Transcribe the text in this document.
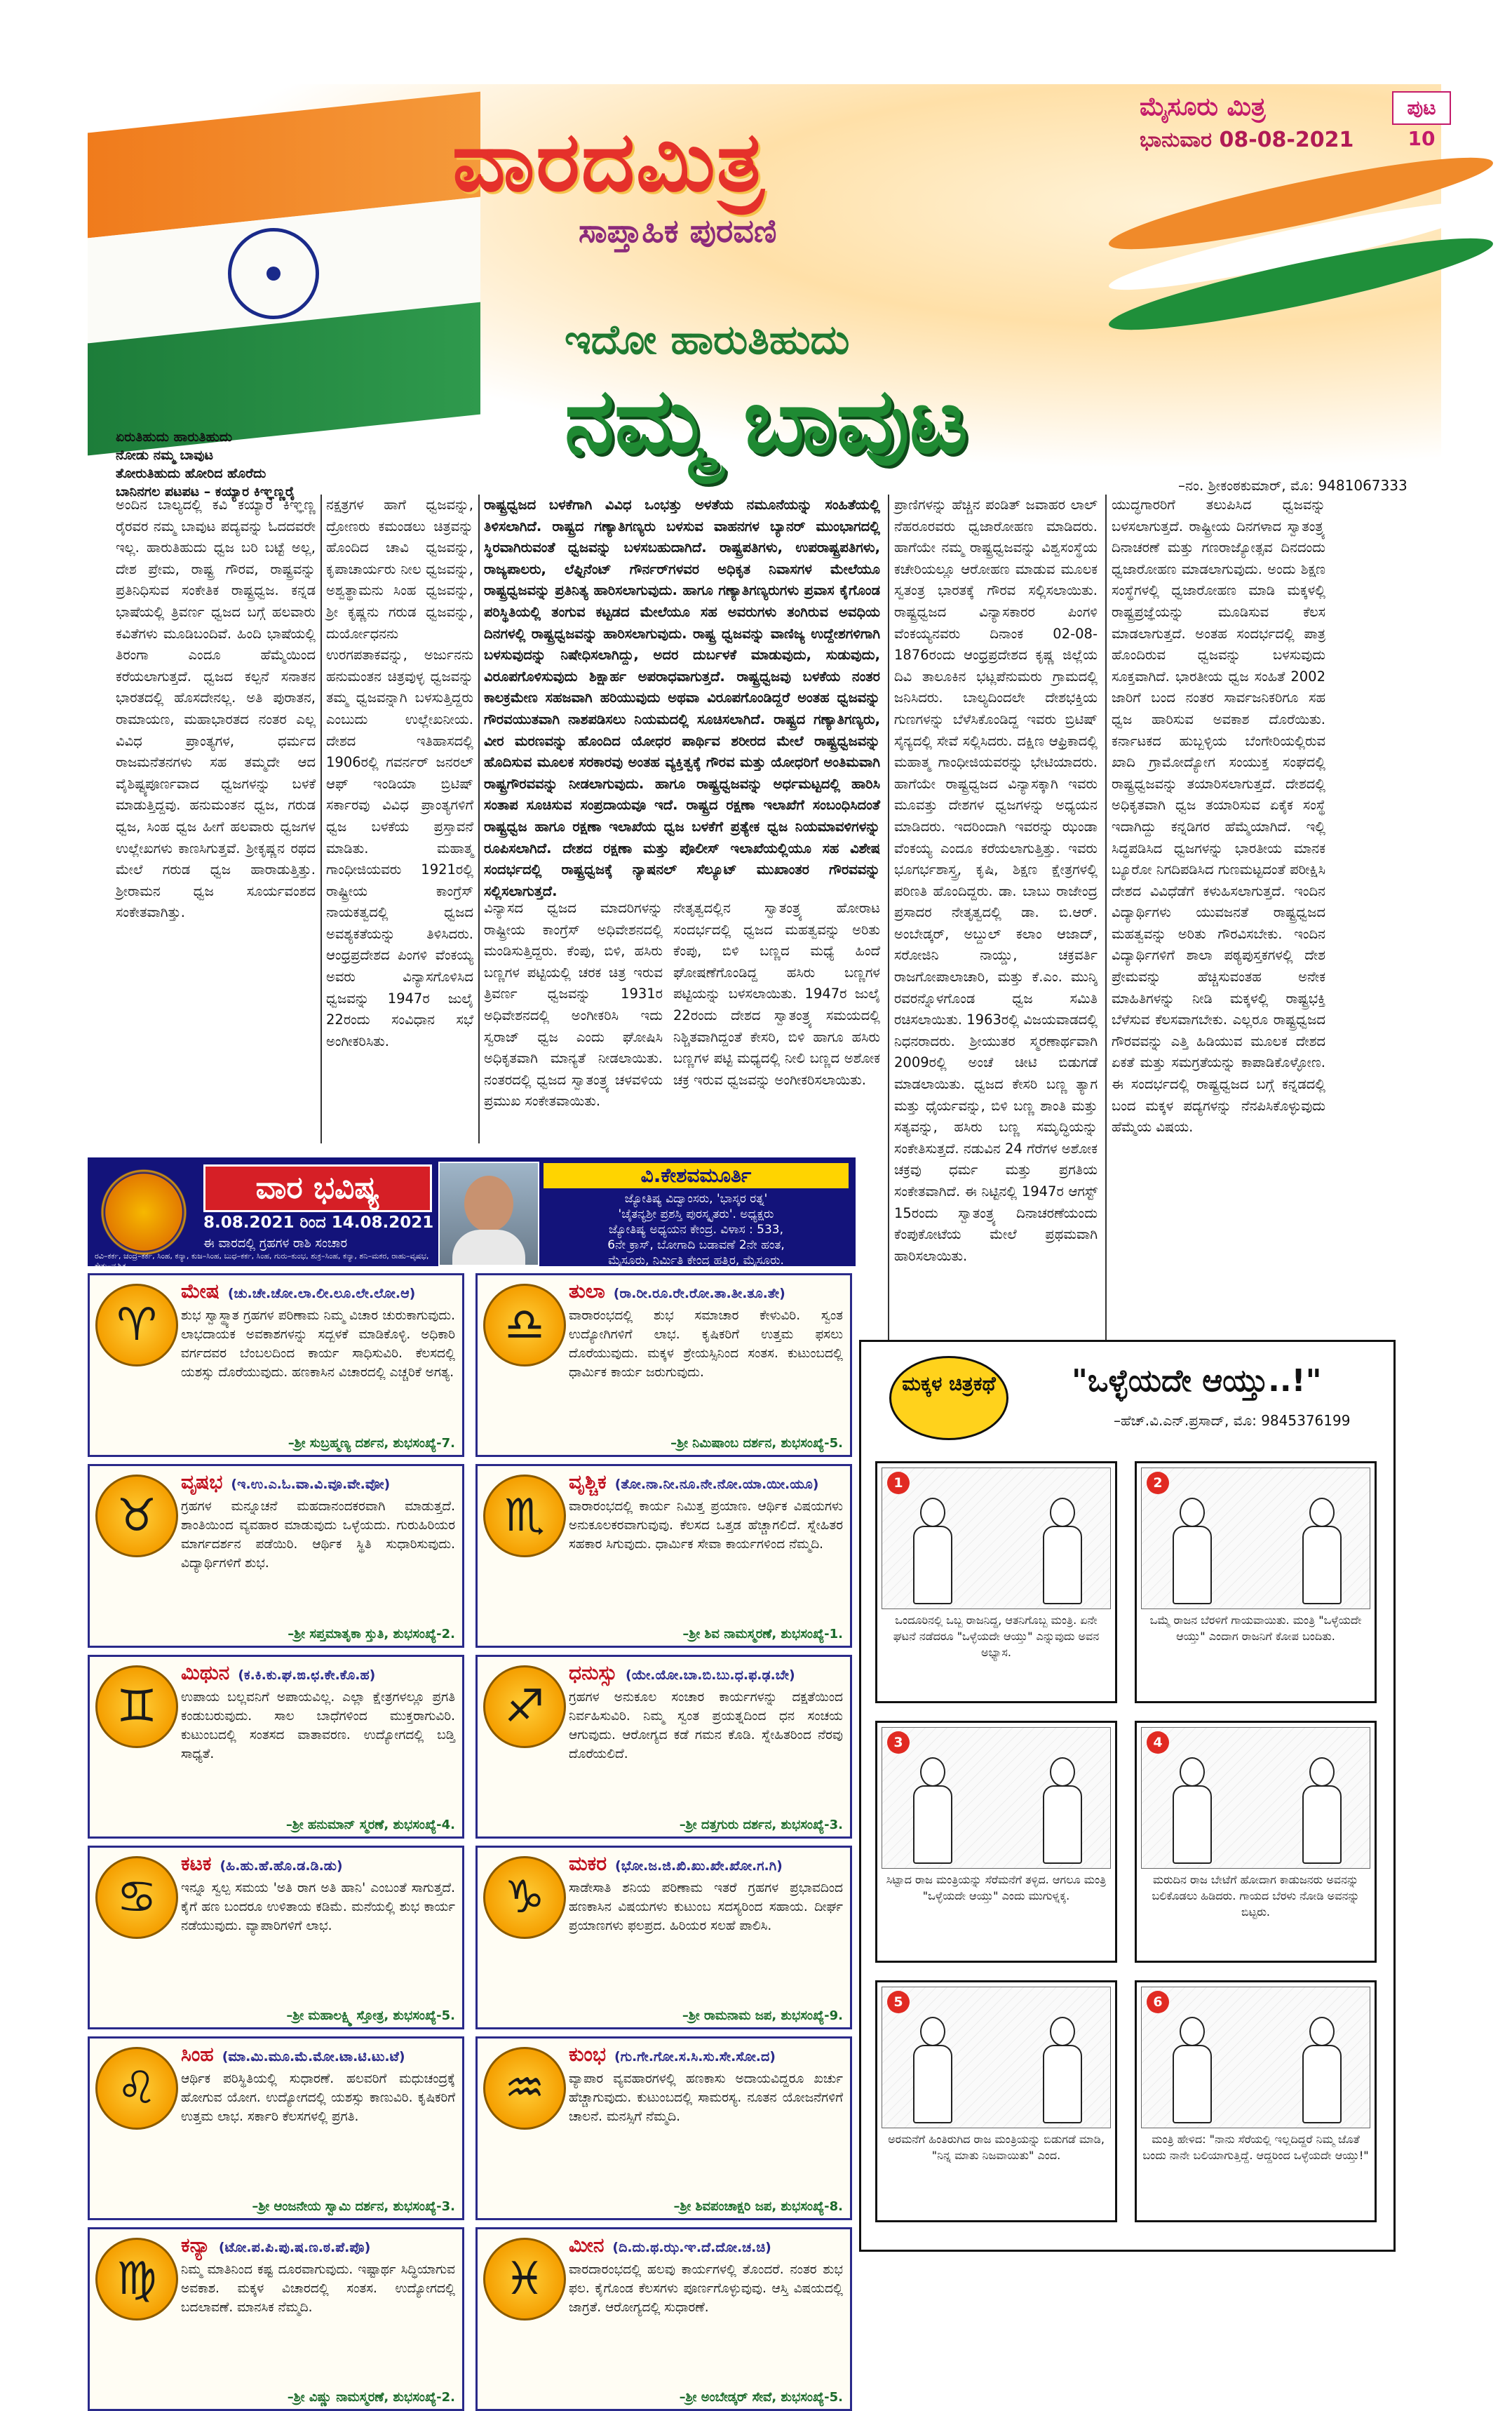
ವಾರದಮಿತ್ರ
ಸಾಪ್ತಾಹಿಕ ಪುರವಣಿ
ಮೈಸೂರು ಮಿತ್ರ
ಭಾನುವಾರ 08-08-2021
ಪುಟ 10
ಇದೋ ಹಾರುತಿಹುದು
ನಮ್ಮ ಬಾವುಟ
ಏರುತಿಹುದು ಹಾರುತಿಹುದು
ನೋಡು ನಮ್ಮ ಬಾವುಟ
ತೋರುತಿಹುದು ಹೋರಿದ ಹೊರೆದು
ಬಾನಿನಗಲ ಪಟಪಟ – ಕಯ್ಯಾರ ಕಿಞ್ಞಣ್ಣರೈ	–ನಂ. ಶ್ರೀಕಂಠಕುಮಾರ್, ಮೊ: 9481067333
ಅಂದಿನ ಬಾಲ್ಯದಲ್ಲಿ ಕವಿ ಕಯ್ಯಾರ ಕಿಞ್ಞಣ್ಣ ರೈರವರ ನಮ್ಮ ಬಾವುಟ ಪದ್ಯವನ್ನು ಓದದವರೇ ಇಲ್ಲ. ಹಾರುತಿಹುದು ಧ್ವಜ ಬರಿ ಬಟ್ಟೆ ಅಲ್ಲ, ದೇಶ ಪ್ರೇಮ, ರಾಷ್ಟ್ರ ಗೌರವ, ರಾಷ್ಟ್ರವನ್ನು ಪ್ರತಿನಿಧಿಸುವ ಸಂಕೇತಿಕ ರಾಷ್ಟ್ರಧ್ವಜ. ಕನ್ನಡ ಭಾಷೆಯಲ್ಲಿ ತ್ರಿವರ್ಣ ಧ್ವಜದ ಬಗ್ಗೆ ಹಲವಾರು ಕವಿತೆಗಳು ಮೂಡಿಬಂದಿವೆ. ಹಿಂದಿ ಭಾಷೆಯಲ್ಲಿ ತಿರಂಗಾ ಎಂದೂ ಹೆಮ್ಮೆಯಿಂದ ಕರೆಯಲಾಗುತ್ತದೆ. ಧ್ವಜದ ಕಲ್ಪನೆ ಸನಾತನ ಭಾರತದಲ್ಲಿ ಹೊಸದೇನಲ್ಲ. ಅತಿ ಪುರಾತನ, ರಾಮಾಯಣ, ಮಹಾಭಾರತದ ನಂತರ ಎಲ್ಲ ವಿವಿಧ ಪ್ರಾಂತ್ಯಗಳ, ಧರ್ಮದ ರಾಜಮನೆತನಗಳು ಸಹ ತಮ್ಮದೇ ಆದ ವೈಶಿಷ್ಟ್ಯಪೂರ್ಣವಾದ ಧ್ವಜಗಳನ್ನು ಬಳಕೆ ಮಾಡುತ್ತಿದ್ದವು. ಹನುಮಂತನ ಧ್ವಜ, ಗರುಡ ಧ್ವಜ, ಸಿಂಹ ಧ್ವಜ ಹೀಗೆ ಹಲವಾರು ಧ್ವಜಗಳ ಉಲ್ಲೇಖಗಳು ಕಾಣಸಿಗುತ್ತವೆ. ಶ್ರೀಕೃಷ್ಣನ ರಥದ ಮೇಲೆ ಗರುಡ ಧ್ವಜ ಹಾರಾಡುತ್ತಿತ್ತು. ಶ್ರೀರಾಮನ ಧ್ವಜ ಸೂರ್ಯವಂಶದ ಸಂಕೇತವಾಗಿತ್ತು.
ನಕ್ಷತ್ರಗಳ ಹಾಗೆ ಧ್ವಜವನ್ನು, ದ್ರೋಣರು ಕಮಂಡಲು ಚಿತ್ರವನ್ನು ಹೊಂದಿದ ಚಾವಿ ಧ್ವಜವನ್ನು, ಕೃಪಾಚಾರ್ಯರು ನೀಲ ಧ್ವಜವನ್ನು, ಅಶ್ವತ್ಥಾಮನು ಸಿಂಹ ಧ್ವಜವನ್ನು, ಶ್ರೀ ಕೃಷ್ಣನು ಗರುಡ ಧ್ವಜವನ್ನು, ದುರ್ಯೋಧನನು ಉರಗಪತಾಕವನ್ನು, ಅರ್ಜುನನು ಹನುಮಂತನ ಚಿತ್ರವುಳ್ಳ ಧ್ವಜವನ್ನು ತಮ್ಮ ಧ್ವಜವನ್ನಾಗಿ ಬಳಸುತ್ತಿದ್ದರು ಎಂಬುದು ಉಲ್ಲೇಖನೀಯ. ದೇಶದ ಇತಿಹಾಸದಲ್ಲಿ 1906ರಲ್ಲಿ ಗವರ್ನರ್ ಜನರಲ್ ಆಫ್ ಇಂಡಿಯಾ ಬ್ರಿಟಿಷ್ ಸರ್ಕಾರವು ವಿವಿಧ ಪ್ರಾಂತ್ಯಗಳಿಗೆ ಧ್ವಜ ಬಳಕೆಯ ಪ್ರಸ್ತಾವನೆ ಮಾಡಿತು. ಮಹಾತ್ಮ ಗಾಂಧೀಜಿಯವರು 1921ರಲ್ಲಿ ರಾಷ್ಟ್ರೀಯ ಕಾಂಗ್ರೆಸ್ ನಾಯಕತ್ವದಲ್ಲಿ ಧ್ವಜದ ಅವಶ್ಯಕತೆಯನ್ನು ತಿಳಿಸಿದರು. ಆಂಧ್ರಪ್ರದೇಶದ ಪಿಂಗಳಿ ವೆಂಕಯ್ಯ ಅವರು ವಿನ್ಯಾಸಗೊಳಿಸಿದ ಧ್ವಜವನ್ನು 1947ರ ಜುಲೈ 22ರಂದು ಸಂವಿಧಾನ ಸಭೆ ಅಂಗೀಕರಿಸಿತು.
ರಾಷ್ಟ್ರಧ್ವಜದ ಬಳಕೆಗಾಗಿ ವಿವಿಧ ಒಂಭತ್ತು ಅಳತೆಯ ನಮೂನೆಯನ್ನು ಸಂಹಿತೆಯಲ್ಲಿ ತಿಳಿಸಲಾಗಿದೆ. ರಾಷ್ಟ್ರದ ಗಣ್ಯಾತಿಗಣ್ಯರು ಬಳಸುವ ವಾಹನಗಳ ಬ್ಯಾನರ್ ಮುಂಭಾಗದಲ್ಲಿ ಸ್ಥಿರವಾಗಿರುವಂತೆ ಧ್ವಜವನ್ನು ಬಳಸಬಹುದಾಗಿದೆ. ರಾಷ್ಟ್ರಪತಿಗಳು, ಉಪರಾಷ್ಟ್ರಪತಿಗಳು, ರಾಜ್ಯಪಾಲರು, ಲೆಫ್ಟಿನೆಂಟ್ ಗೌರ್ನರ್‌ಗಳವರ ಅಧಿಕೃತ ನಿವಾಸಗಳ ಮೇಲೆಯೂ ರಾಷ್ಟ್ರಧ್ವಜವನ್ನು ಪ್ರತಿನಿತ್ಯ ಹಾರಿಸಲಾಗುವುದು. ಹಾಗೂ ಗಣ್ಯಾತಿಗಣ್ಯರುಗಳು ಪ್ರವಾಸ ಕೈಗೊಂಡ ಪರಿಸ್ಥಿತಿಯಲ್ಲಿ ತಂಗುವ ಕಟ್ಟಡದ ಮೇಲೆಯೂ ಸಹ ಅವರುಗಳು ತಂಗಿರುವ ಅವಧಿಯ ದಿನಗಳಲ್ಲಿ ರಾಷ್ಟ್ರಧ್ವಜವನ್ನು ಹಾರಿಸಲಾಗುವುದು. ರಾಷ್ಟ್ರ ಧ್ವಜವನ್ನು ವಾಣಿಜ್ಯ ಉದ್ದೇಶಗಳಿಗಾಗಿ ಬಳಸುವುದನ್ನು ನಿಷೇಧಿಸಲಾಗಿದ್ದು, ಅದರ ದುರ್ಬಳಕೆ ಮಾಡುವುದು, ಸುಡುವುದು, ವಿರೂಪಗೊಳಿಸುವುದು ಶಿಕ್ಷಾರ್ಹ ಅಪರಾಧವಾಗುತ್ತದೆ. ರಾಷ್ಟ್ರಧ್ವಜವು ಬಳಕೆಯ ನಂತರ ಕಾಲಕ್ರಮೇಣ ಸಹಜವಾಗಿ ಹರಿಯುವುದು ಅಥವಾ ವಿರೂಪಗೊಂಡಿದ್ದರೆ ಅಂತಹ ಧ್ವಜವನ್ನು ಗೌರವಯುತವಾಗಿ ನಾಶಪಡಿಸಲು ನಿಯಮದಲ್ಲಿ ಸೂಚಿಸಲಾಗಿದೆ. ರಾಷ್ಟ್ರದ ಗಣ್ಯಾತಿಗಣ್ಯರು, ವೀರ ಮರಣವನ್ನು ಹೊಂದಿದ ಯೋಧರ ಪಾರ್ಥಿವ ಶರೀರದ ಮೇಲೆ ರಾಷ್ಟ್ರಧ್ವಜವನ್ನು ಹೊದಿಸುವ ಮೂಲಕ ಸರಕಾರವು ಅಂತಹ ವ್ಯಕ್ತಿತ್ವಕ್ಕೆ ಗೌರವ ಮತ್ತು ಯೋಧರಿಗೆ ಅಂತಿಮವಾಗಿ ರಾಷ್ಟ್ರಗೌರವವನ್ನು ನೀಡಲಾಗುವುದು. ಹಾಗೂ ರಾಷ್ಟ್ರಧ್ವಜವನ್ನು ಅರ್ಧಮಟ್ಟದಲ್ಲಿ ಹಾರಿಸಿ ಸಂತಾಪ ಸೂಚಿಸುವ ಸಂಪ್ರದಾಯವೂ ಇದೆ. ರಾಷ್ಟ್ರದ ರಕ್ಷಣಾ ಇಲಾಖೆಗೆ ಸಂಬಂಧಿಸಿದಂತೆ ರಾಷ್ಟ್ರಧ್ವಜ ಹಾಗೂ ರಕ್ಷಣಾ ಇಲಾಖೆಯ ಧ್ವಜ ಬಳಕೆಗೆ ಪ್ರತ್ಯೇಕ ಧ್ವಜ ನಿಯಮಾವಳಿಗಳನ್ನು ರೂಪಿಸಲಾಗಿದೆ. ದೇಶದ ರಕ್ಷಣಾ ಮತ್ತು ಪೊಲೀಸ್ ಇಲಾಖೆಯಲ್ಲಿಯೂ ಸಹ ವಿಶೇಷ ಸಂದರ್ಭದಲ್ಲಿ ರಾಷ್ಟ್ರಧ್ವಜಕ್ಕೆ ನ್ಯಾಷನಲ್ ಸೆಲ್ಯೂಟ್ ಮುಖಾಂತರ ಗೌರವವನ್ನು ಸಲ್ಲಿಸಲಾಗುತ್ತದೆ.
ವಿನ್ಯಾಸದ ಧ್ವಜದ ಮಾದರಿಗಳನ್ನು ರಾಷ್ಟ್ರೀಯ ಕಾಂಗ್ರೆಸ್ ಅಧಿವೇಶನದಲ್ಲಿ ಮಂಡಿಸುತ್ತಿದ್ದರು. ಕೆಂಪು, ಬಿಳಿ, ಹಸಿರು ಬಣ್ಣಗಳ ಪಟ್ಟಿಯಲ್ಲಿ ಚರಕ ಚಿತ್ರ ಇರುವ ತ್ರಿವರ್ಣ ಧ್ವಜವನ್ನು 1931ರ ಅಧಿವೇಶನದಲ್ಲಿ ಅಂಗೀಕರಿಸಿ ಇದು ಸ್ವರಾಜ್ ಧ್ವಜ ಎಂದು ಘೋಷಿಸಿ ಅಧಿಕೃತವಾಗಿ ಮಾನ್ಯತೆ ನೀಡಲಾಯಿತು. ನಂತರದಲ್ಲಿ ಧ್ವಜದ ಸ್ವಾತಂತ್ರ್ಯ ಚಳವಳಿಯ ಪ್ರಮುಖ ಸಂಕೇತವಾಯಿತು.
ನೇತೃತ್ವದಲ್ಲಿನ ಸ್ವಾತಂತ್ರ್ಯ ಹೋರಾಟ ಸಂದರ್ಭದಲ್ಲಿ ಧ್ವಜದ ಮಹತ್ವವನ್ನು ಅರಿತು ಕೆಂಪು, ಬಿಳಿ ಬಣ್ಣದ ಮಧ್ಯೆ ಹಿಂದೆ ಘೋಷಣೆಗೊಂಡಿದ್ದ ಹಸಿರು ಬಣ್ಣಗಳ ಪಟ್ಟಿಯನ್ನು ಬಳಸಲಾಯಿತು. 1947ರ ಜುಲೈ 22ರಂದು ದೇಶದ ಸ್ವಾತಂತ್ರ್ಯ ಸಮಯದಲ್ಲಿ ನಿಶ್ಚಿತವಾಗಿದ್ದಂತೆ ಕೇಸರಿ, ಬಿಳಿ ಹಾಗೂ ಹಸಿರು ಬಣ್ಣಗಳ ಪಟ್ಟಿ ಮಧ್ಯದಲ್ಲಿ ನೀಲಿ ಬಣ್ಣದ ಅಶೋಕ ಚಕ್ರ ಇರುವ ಧ್ವಜವನ್ನು ಅಂಗೀಕರಿಸಲಾಯಿತು.
ಪ್ರಾಣಿಗಳನ್ನು ಹೆಚ್ಚಿನ ಪಂಡಿತ್ ಜವಾಹರ ಲಾಲ್ ನೆಹರೂರವರು ಧ್ವಜಾರೋಹಣ ಮಾಡಿದರು. ಹಾಗೆಯೇ ನಮ್ಮ ರಾಷ್ಟ್ರಧ್ವಜವನ್ನು ವಿಶ್ವಸಂಸ್ಥೆಯ ಕಚೇರಿಯಲ್ಲೂ ಆರೋಹಣ ಮಾಡುವ ಮೂಲಕ ಸ್ವತಂತ್ರ ಭಾರತಕ್ಕೆ ಗೌರವ ಸಲ್ಲಿಸಲಾಯಿತು. ರಾಷ್ಟ್ರಧ್ವಜದ ವಿನ್ಯಾಸಕಾರರ ಪಿಂಗಳಿ ವೆಂಕಯ್ಯನವರು ದಿನಾಂಕ 02-08-1876ರಂದು ಆಂಧ್ರಪ್ರದೇಶದ ಕೃಷ್ಣ ಜಿಲ್ಲೆಯ ದಿವಿ ತಾಲೂಕಿನ ಭಟ್ಲಪೆನುಮರು ಗ್ರಾಮದಲ್ಲಿ ಜನಿಸಿದರು. ಬಾಲ್ಯದಿಂದಲೇ ದೇಶಭಕ್ತಿಯ ಗುಣಗಳನ್ನು ಬೆಳೆಸಿಕೊಂಡಿದ್ದ ಇವರು ಬ್ರಿಟಿಷ್ ಸೈನ್ಯದಲ್ಲಿ ಸೇವೆ ಸಲ್ಲಿಸಿದರು. ದಕ್ಷಿಣ ಆಫ್ರಿಕಾದಲ್ಲಿ ಮಹಾತ್ಮ ಗಾಂಧೀಜಿಯವರನ್ನು ಭೇಟಿಯಾದರು. ಹಾಗೆಯೇ ರಾಷ್ಟ್ರಧ್ವಜದ ವಿನ್ಯಾಸಕ್ಕಾಗಿ ಇವರು ಮೂವತ್ತು ದೇಶಗಳ ಧ್ವಜಗಳನ್ನು ಅಧ್ಯಯನ ಮಾಡಿದರು. ಇದರಿಂದಾಗಿ ಇವರನ್ನು ಝಂಡಾ ವೆಂಕಯ್ಯ ಎಂದೂ ಕರೆಯಲಾಗುತ್ತಿತ್ತು. ಇವರು ಭೂಗರ್ಭಶಾಸ್ತ್ರ, ಕೃಷಿ, ಶಿಕ್ಷಣ ಕ್ಷೇತ್ರಗಳಲ್ಲಿ ಪರಿಣತಿ ಹೊಂದಿದ್ದರು. ಡಾ. ಬಾಬು ರಾಜೇಂದ್ರ ಪ್ರಸಾದರ ನೇತೃತ್ವದಲ್ಲಿ ಡಾ. ಬಿ.ಆರ್. ಅಂಬೇಡ್ಕರ್, ಅಬ್ದುಲ್ ಕಲಾಂ ಆಜಾದ್, ಸರೋಜಿನಿ ನಾಯ್ಡು, ಚಕ್ರವರ್ತಿ ರಾಜಗೋಪಾಲಾಚಾರಿ, ಮತ್ತು ಕೆ.ಎಂ. ಮುನ್ಶಿ ರವರನ್ನೊಳಗೊಂಡ ಧ್ವಜ ಸಮಿತಿ ರಚಿಸಲಾಯಿತು. 1963ರಲ್ಲಿ ವಿಜಯವಾಡದಲ್ಲಿ ನಿಧನರಾದರು. ಶ್ರೀಯುತರ ಸ್ಮರಣಾರ್ಥವಾಗಿ 2009ರಲ್ಲಿ ಅಂಚೆ ಚೀಟಿ ಬಿಡುಗಡೆ ಮಾಡಲಾಯಿತು. ಧ್ವಜದ ಕೇಸರಿ ಬಣ್ಣ ತ್ಯಾಗ ಮತ್ತು ಧೈರ್ಯವನ್ನು, ಬಿಳಿ ಬಣ್ಣ ಶಾಂತಿ ಮತ್ತು ಸತ್ಯವನ್ನು, ಹಸಿರು ಬಣ್ಣ ಸಮೃದ್ಧಿಯನ್ನು ಸಂಕೇತಿಸುತ್ತದೆ. ನಡುವಿನ 24 ಗೆರೆಗಳ ಅಶೋಕ ಚಕ್ರವು ಧರ್ಮ ಮತ್ತು ಪ್ರಗತಿಯ ಸಂಕೇತವಾಗಿದೆ. ಈ ನಿಟ್ಟಿನಲ್ಲಿ 1947ರ ಆಗಸ್ಟ್ 15ರಂದು ಸ್ವಾತಂತ್ರ್ಯ ದಿನಾಚರಣೆಯಂದು ಕೆಂಪುಕೋಟೆಯ ಮೇಲೆ ಪ್ರಥಮವಾಗಿ ಹಾರಿಸಲಾಯಿತು.
ಯುದ್ಧಗಾರರಿಗೆ ತಲುಪಿಸಿದ ಧ್ವಜವನ್ನು ಬಳಸಲಾಗುತ್ತದೆ. ರಾಷ್ಟ್ರೀಯ ದಿನಗಳಾದ ಸ್ವಾತಂತ್ರ್ಯ ದಿನಾಚರಣೆ ಮತ್ತು ಗಣರಾಜ್ಯೋತ್ಸವ ದಿನದಂದು ಧ್ವಜಾರೋಹಣ ಮಾಡಲಾಗುವುದು. ಅಂದು ಶಿಕ್ಷಣ ಸಂಸ್ಥೆಗಳಲ್ಲಿ ಧ್ವಜಾರೋಹಣ ಮಾಡಿ ಮಕ್ಕಳಲ್ಲಿ ರಾಷ್ಟ್ರಪ್ರಜ್ಞೆಯನ್ನು ಮೂಡಿಸುವ ಕೆಲಸ ಮಾಡಲಾಗುತ್ತದೆ. ಅಂತಹ ಸಂದರ್ಭದಲ್ಲಿ ಪಾತ್ರ ಹೊಂದಿರುವ ಧ್ವಜವನ್ನು ಬಳಸುವುದು ಸೂಕ್ತವಾಗಿದೆ. ಭಾರತೀಯ ಧ್ವಜ ಸಂಹಿತೆ 2002 ಜಾರಿಗೆ ಬಂದ ನಂತರ ಸಾರ್ವಜನಿಕರಿಗೂ ಸಹ ಧ್ವಜ ಹಾರಿಸುವ ಅವಕಾಶ ದೊರೆಯಿತು. ಕರ್ನಾಟಕದ ಹುಬ್ಬಳ್ಳಿಯ ಬೆಂಗೇರಿಯಲ್ಲಿರುವ ಖಾದಿ ಗ್ರಾಮೋದ್ಯೋಗ ಸಂಯುಕ್ತ ಸಂಘದಲ್ಲಿ ರಾಷ್ಟ್ರಧ್ವಜವನ್ನು ತಯಾರಿಸಲಾಗುತ್ತದೆ. ದೇಶದಲ್ಲಿ ಅಧಿಕೃತವಾಗಿ ಧ್ವಜ ತಯಾರಿಸುವ ಏಕೈಕ ಸಂಸ್ಥೆ ಇದಾಗಿದ್ದು ಕನ್ನಡಿಗರ ಹೆಮ್ಮೆಯಾಗಿದೆ. ಇಲ್ಲಿ ಸಿದ್ಧಪಡಿಸಿದ ಧ್ವಜಗಳನ್ನು ಭಾರತೀಯ ಮಾನಕ ಬ್ಯೂರೋ ನಿಗದಿಪಡಿಸಿದ ಗುಣಮಟ್ಟದಂತೆ ಪರೀಕ್ಷಿಸಿ ದೇಶದ ವಿವಿಧೆಡೆಗೆ ಕಳುಹಿಸಲಾಗುತ್ತದೆ. ಇಂದಿನ ವಿದ್ಯಾರ್ಥಿಗಳು ಯುವಜನತೆ ರಾಷ್ಟ್ರಧ್ವಜದ ಮಹತ್ವವನ್ನು ಅರಿತು ಗೌರವಿಸಬೇಕು. ಇಂದಿನ ವಿದ್ಯಾರ್ಥಿಗಳಿಗೆ ಶಾಲಾ ಪಠ್ಯಪುಸ್ತಕಗಳಲ್ಲಿ ದೇಶ ಪ್ರೇಮವನ್ನು ಹೆಚ್ಚಿಸುವಂತಹ ಅನೇಕ ಮಾಹಿತಿಗಳನ್ನು ನೀಡಿ ಮಕ್ಕಳಲ್ಲಿ ರಾಷ್ಟ್ರಭಕ್ತಿ ಬೆಳೆಸುವ ಕೆಲಸವಾಗಬೇಕು. ಎಲ್ಲರೂ ರಾಷ್ಟ್ರಧ್ವಜದ ಗೌರವವನ್ನು ಎತ್ತಿ ಹಿಡಿಯುವ ಮೂಲಕ ದೇಶದ ಏಕತೆ ಮತ್ತು ಸಮಗ್ರತೆಯನ್ನು ಕಾಪಾಡಿಕೊಳ್ಳೋಣ. ಈ ಸಂದರ್ಭದಲ್ಲಿ ರಾಷ್ಟ್ರಧ್ವಜದ ಬಗ್ಗೆ ಕನ್ನಡದಲ್ಲಿ ಬಂದ ಮಕ್ಕಳ ಪದ್ಯಗಳನ್ನು ನೆನಪಿಸಿಕೊಳ್ಳುವುದು ಹೆಮ್ಮೆಯ ವಿಷಯ.
ವಾರ ಭವಿಷ್ಯ
8.08.2021 ರಿಂದ 14.08.2021
ಈ ವಾರದಲ್ಲಿ ಗ್ರಹಗಳ ರಾಶಿ ಸಂಚಾರ
ರವಿ–ಕರ್ಕ, ಚಂದ್ರ–ಕರ್ಕ, ಸಿಂಹ, ಕನ್ಯಾ, ಕುಜ–ಸಿಂಹ, ಬುಧ–ಕರ್ಕ, ಸಿಂಹ, ಗುರು–ಕುಂಭ, ಶುಕ್ರ–ಸಿಂಹ, ಕನ್ಯಾ, ಶನಿ–ಮಕರ, ರಾಹು–ವೃಷಭ, ಕೇತು–ವೃಶ್ಚಿಕ
ವಿ.ಕೇಶವಮೂರ್ತಿ
ಜ್ಯೋತಿಷ್ಯ ವಿದ್ವಾಂಸರು, 'ಭಾಸ್ಕರ ರತ್ನ'
'ಚೈತನ್ಯಶ್ರೀ ಪ್ರಶಸ್ತಿ ಪುರಸ್ಕೃತರು'. ಅಧ್ಯಕ್ಷರು
ಜ್ಯೋತಿಷ್ಯ ಅಧ್ಯಯನ ಕೇಂದ್ರ. ವಿಳಾಸ : 533,
6ನೇ ಕ್ರಾಸ್, ಬೋಗಾದಿ ಬಡಾವಣೆ 2ನೇ ಹಂತ,
ಮೈಸೂರು, ನಿರ್ಮಿತಿ ಕೇಂದ್ರ ಹತ್ತಿರ, ಮೈಸೂರು.
♈
ಮೇಷ (ಚು.ಚೇ.ಚೋ.ಲಾ.ಲೀ.ಲೂ.ಲೇ.ಲೋ.ಆ)
ಶುಭ ಸ್ವಾಸ್ಥ್ಯಾತ ಗ್ರಹಗಳ ಪರಿಣಾಮ ನಿಮ್ಮ ವಿಚಾರ ಚುರುಕಾಗುವುದು. ಲಾಭದಾಯಕ ಅವಕಾಶಗಳನ್ನು ಸದ್ಬಳಕೆ ಮಾಡಿಕೊಳ್ಳಿ. ಅಧಿಕಾರಿ ವರ್ಗದವರ ಬೆಂಬಲದಿಂದ ಕಾರ್ಯ ಸಾಧಿಸುವಿರಿ. ಕೆಲಸದಲ್ಲಿ ಯಶಸ್ಸು ದೊರೆಯುವುದು. ಹಣಕಾಸಿನ ವಿಚಾರದಲ್ಲಿ ಎಚ್ಚರಿಕೆ ಅಗತ್ಯ.
–ಶ್ರೀ ಸುಬ್ರಹ್ಮಣ್ಯ ದರ್ಶನ, ಶುಭಸಂಖ್ಯೆ-7.
♎
ತುಲಾ (ರಾ.ರೀ.ರೂ.ರೇ.ರೋ.ತಾ.ತೀ.ತೂ.ತೇ)
ವಾರಾರಂಭದಲ್ಲಿ ಶುಭ ಸಮಾಚಾರ ಕೇಳುವಿರಿ. ಸ್ವಂತ ಉದ್ಯೋಗಿಗಳಿಗೆ ಲಾಭ. ಕೃಷಿಕರಿಗೆ ಉತ್ತಮ ಫಸಲು ದೊರೆಯುವುದು. ಮಕ್ಕಳ ಶ್ರೇಯಸ್ಸಿನಿಂದ ಸಂತಸ. ಕುಟುಂಬದಲ್ಲಿ ಧಾರ್ಮಿಕ ಕಾರ್ಯ ಜರುಗುವುದು.
–ಶ್ರೀ ನಿಮಿಷಾಂಬ ದರ್ಶನ, ಶುಭಸಂಖ್ಯೆ-5.
♉
ವೃಷಭ (ಇ.ಉ.ಎ.ಓ.ವಾ.ವಿ.ವೂ.ವೇ.ವೋ)
ಗ್ರಹಗಳ ಮನ್ನೂಚನೆ ಮಹದಾನಂದಕರವಾಗಿ ಮಾಡುತ್ತದೆ. ಶಾಂತಿಯಿಂದ ವ್ಯವಹಾರ ಮಾಡುವುದು ಒಳ್ಳೆಯದು. ಗುರುಹಿರಿಯರ ಮಾರ್ಗದರ್ಶನ ಪಡೆಯಿರಿ. ಆರ್ಥಿಕ ಸ್ಥಿತಿ ಸುಧಾರಿಸುವುದು. ವಿದ್ಯಾರ್ಥಿಗಳಿಗೆ ಶುಭ.
–ಶ್ರೀ ಸಪ್ತಮಾತೃಕಾ ಸ್ತುತಿ, ಶುಭಸಂಖ್ಯೆ-2.
♏
ವೃಶ್ಚಿಕ (ತೋ.ನಾ.ನೀ.ನೂ.ನೇ.ನೋ.ಯಾ.ಯೀ.ಯೂ)
ವಾರಾರಂಭದಲ್ಲಿ ಕಾರ್ಯ ನಿಮಿತ್ತ ಪ್ರಯಾಣ. ಆರ್ಥಿಕ ವಿಷಯಗಳು ಅನುಕೂಲಕರವಾಗುವುವು. ಕೆಲಸದ ಒತ್ತಡ ಹೆಚ್ಚಾಗಲಿದೆ. ಸ್ನೇಹಿತರ ಸಹಕಾರ ಸಿಗುವುದು. ಧಾರ್ಮಿಕ ಸೇವಾ ಕಾರ್ಯಗಳಿಂದ ನೆಮ್ಮದಿ.
–ಶ್ರೀ ಶಿವ ನಾಮಸ್ಮರಣೆ, ಶುಭಸಂಖ್ಯೆ-1.
♊
ಮಿಥುನ (ಕ.ಕಿ.ಕು.ಘ.ಙ.ಛ.ಕೇ.ಕೊ.ಹ)
ಉಪಾಯ ಬಲ್ಲವನಿಗೆ ಅಪಾಯವಿಲ್ಲ. ಎಲ್ಲಾ ಕ್ಷೇತ್ರಗಳಲ್ಲೂ ಪ್ರಗತಿ ಕಂಡುಬರುವುದು. ಸಾಲ ಬಾಧೆಗಳಿಂದ ಮುಕ್ತರಾಗುವಿರಿ. ಕುಟುಂಬದಲ್ಲಿ ಸಂತಸದ ವಾತಾವರಣ. ಉದ್ಯೋಗದಲ್ಲಿ ಬಡ್ತಿ ಸಾಧ್ಯತೆ.
–ಶ್ರೀ ಹನುಮಾನ್ ಸ್ಮರಣೆ, ಶುಭಸಂಖ್ಯೆ-4.
♐
ಧನುಸ್ಸು (ಯೇ.ಯೋ.ಬಾ.ಬಿ.ಬು.ಧ.ಫ.ಢ.ಬೇ)
ಗ್ರಹಗಳ ಅನುಕೂಲ ಸಂಚಾರ ಕಾರ್ಯಗಳನ್ನು ದಕ್ಷತೆಯಿಂದ ನಿರ್ವಹಿಸುವಿರಿ. ನಿಮ್ಮ ಸ್ವಂತ ಪ್ರಯತ್ನದಿಂದ ಧನ ಸಂಚಯ ಆಗುವುದು. ಆರೋಗ್ಯದ ಕಡೆ ಗಮನ ಕೊಡಿ. ಸ್ನೇಹಿತರಿಂದ ನೆರವು ದೊರೆಯಲಿದೆ.
–ಶ್ರೀ ದತ್ತಗುರು ದರ್ಶನ, ಶುಭಸಂಖ್ಯೆ-3.
♋
ಕಟಕ (ಹಿ.ಹು.ಹೆ.ಹೊ.ಡ.ಡಿ.ಡು)
ಇನ್ನೂ ಸ್ವಲ್ಪ ಸಮಯ 'ಅತಿ ರಾಗ ಅತಿ ಹಾನಿ' ಎಂಬಂತೆ ಸಾಗುತ್ತದೆ. ಕೈಗೆ ಹಣ ಬಂದರೂ ಉಳಿತಾಯ ಕಡಿಮೆ. ಮನೆಯಲ್ಲಿ ಶುಭ ಕಾರ್ಯ ನಡೆಯುವುದು. ವ್ಯಾಪಾರಿಗಳಿಗೆ ಲಾಭ.
–ಶ್ರೀ ಮಹಾಲಕ್ಷ್ಮಿ ಸ್ತೋತ್ರ, ಶುಭಸಂಖ್ಯೆ-5.
♑
ಮಕರ (ಭೋ.ಜ.ಜಿ.ಖಿ.ಖು.ಖೇ.ಖೋ.ಗ.ಗಿ)
ಸಾಡೇಸಾತಿ ಶನಿಯ ಪರಿಣಾಮ ಇತರೆ ಗ್ರಹಗಳ ಪ್ರಭಾವದಿಂದ ಹಣಕಾಸಿನ ವಿಷಯಗಳು ಕುಟುಂಬ ಸದಸ್ಯರಿಂದ ಸಹಾಯ. ದೀರ್ಘ ಪ್ರಯಾಣಗಳು ಫಲಪ್ರದ. ಹಿರಿಯರ ಸಲಹೆ ಪಾಲಿಸಿ.
–ಶ್ರೀ ರಾಮನಾಮ ಜಪ, ಶುಭಸಂಖ್ಯೆ-9.
♌
ಸಿಂಹ (ಮಾ.ಮಿ.ಮೂ.ಮೆ.ಮೋ.ಟಾ.ಟಿ.ಟು.ಟೆ)
ಆರ್ಥಿಕ ಪರಿಸ್ಥಿತಿಯಲ್ಲಿ ಸುಧಾರಣೆ. ಹಲವರಿಗೆ ಮಧುಚಂದ್ರಕ್ಕೆ ಹೋಗುವ ಯೋಗ. ಉದ್ಯೋಗದಲ್ಲಿ ಯಶಸ್ಸು ಕಾಣುವಿರಿ. ಕೃಷಿಕರಿಗೆ ಉತ್ತಮ ಲಾಭ. ಸರ್ಕಾರಿ ಕೆಲಸಗಳಲ್ಲಿ ಪ್ರಗತಿ.
–ಶ್ರೀ ಆಂಜನೇಯ ಸ್ವಾಮಿ ದರ್ಶನ, ಶುಭಸಂಖ್ಯೆ-3.
♒
ಕುಂಭ (ಗು.ಗೇ.ಗೋ.ಸ.ಸಿ.ಸು.ಸೇ.ಸೋ.ದ)
ವ್ಯಾಪಾರ ವ್ಯವಹಾರಗಳಲ್ಲಿ ಹಣಕಾಸು ಅದಾಯವಿದ್ದರೂ ಖರ್ಚು ಹೆಚ್ಚಾಗುವುದು. ಕುಟುಂಬದಲ್ಲಿ ಸಾಮರಸ್ಯ. ನೂತನ ಯೋಜನೆಗಳಿಗೆ ಚಾಲನೆ. ಮನಸ್ಸಿಗೆ ನೆಮ್ಮದಿ.
–ಶ್ರೀ ಶಿವಪಂಚಾಕ್ಷರಿ ಜಪ, ಶುಭಸಂಖ್ಯೆ-8.
♍
ಕನ್ಯಾ (ಟೋ.ಪ.ಪಿ.ಪು.ಷ.ಣ.ಠ.ಪೆ.ಪೊ)
ನಿಮ್ಮ ಮಾತಿನಿಂದ ಕಷ್ಟ ದೂರವಾಗುವುದು. ಇಷ್ಟಾರ್ಥ ಸಿದ್ಧಿಯಾಗುವ ಅವಕಾಶ. ಮಕ್ಕಳ ವಿಚಾರದಲ್ಲಿ ಸಂತಸ. ಉದ್ಯೋಗದಲ್ಲಿ ಬದಲಾವಣೆ. ಮಾನಸಿಕ ನೆಮ್ಮದಿ.
–ಶ್ರೀ ವಿಷ್ಣು ನಾಮಸ್ಮರಣೆ, ಶುಭಸಂಖ್ಯೆ-2.
♓
ಮೀನ (ದಿ.ದು.ಥ.ಝ.ಞ.ದೆ.ದೋ.ಚ.ಚಿ)
ವಾರದಾರಂಭದಲ್ಲಿ ಹಲವು ಕಾರ್ಯಗಳಲ್ಲಿ ತೊಂದರೆ. ನಂತರ ಶುಭ ಫಲ. ಕೈಗೊಂಡ ಕೆಲಸಗಳು ಪೂರ್ಣಗೊಳ್ಳುವುವು. ಆಸ್ತಿ ವಿಷಯದಲ್ಲಿ ಜಾಗ್ರತೆ. ಆರೋಗ್ಯದಲ್ಲಿ ಸುಧಾರಣೆ.
–ಶ್ರೀ ಅಂಬೇಡ್ಕರ್ ಸೇವೆ, ಶುಭಸಂಖ್ಯೆ-5.
ಮಕ್ಕಳ ಚಿತ್ರಕಥೆ	"ಒಳ್ಳೆಯದೇ ಆಯ್ತು..!"
–ಹೆಚ್.ವಿ.ಎನ್.ಪ್ರಸಾದ್, ಮೊ: 9845376199
1
ಒಂದೂರಿನಲ್ಲಿ ಒಬ್ಬ ರಾಜನಿದ್ದ, ಆತನಿಗೊಬ್ಬ ಮಂತ್ರಿ. ಏನೇ ಘಟನೆ ನಡೆದರೂ "ಒಳ್ಳೆಯದೇ ಆಯ್ತು" ಎನ್ನುವುದು ಅವನ ಅಭ್ಯಾಸ.
2
ಒಮ್ಮೆ ರಾಜನ ಬೆರಳಿಗೆ ಗಾಯವಾಯಿತು. ಮಂತ್ರಿ "ಒಳ್ಳೆಯದೇ ಆಯ್ತು" ಎಂದಾಗ ರಾಜನಿಗೆ ಕೋಪ ಬಂದಿತು.
3
ಸಿಟ್ಟಾದ ರಾಜ ಮಂತ್ರಿಯನ್ನು ಸೆರೆಮನೆಗೆ ತಳ್ಳಿದ. ಆಗಲೂ ಮಂತ್ರಿ "ಒಳ್ಳೆಯದೇ ಆಯ್ತು" ಎಂದು ಮುಗುಳ್ನಕ್ಕ.
4
ಮರುದಿನ ರಾಜ ಬೇಟೆಗೆ ಹೋದಾಗ ಕಾಡುಜನರು ಅವನನ್ನು ಬಲಿಕೊಡಲು ಹಿಡಿದರು. ಗಾಯದ ಬೆರಳು ನೋಡಿ ಅವನನ್ನು ಬಿಟ್ಟರು.
5
ಅರಮನೆಗೆ ಹಿಂತಿರುಗಿದ ರಾಜ ಮಂತ್ರಿಯನ್ನು ಬಿಡುಗಡೆ ಮಾಡಿ, "ನಿನ್ನ ಮಾತು ನಿಜವಾಯಿತು" ಎಂದ.
6
ಮಂತ್ರಿ ಹೇಳಿದ: "ನಾನು ಸೆರೆಯಲ್ಲಿ ಇಲ್ಲದಿದ್ದರೆ ನಿಮ್ಮ ಜೊತೆ ಬಂದು ನಾನೇ ಬಲಿಯಾಗುತ್ತಿದ್ದೆ. ಆದ್ದರಿಂದ ಒಳ್ಳೆಯದೇ ಆಯ್ತು!"
